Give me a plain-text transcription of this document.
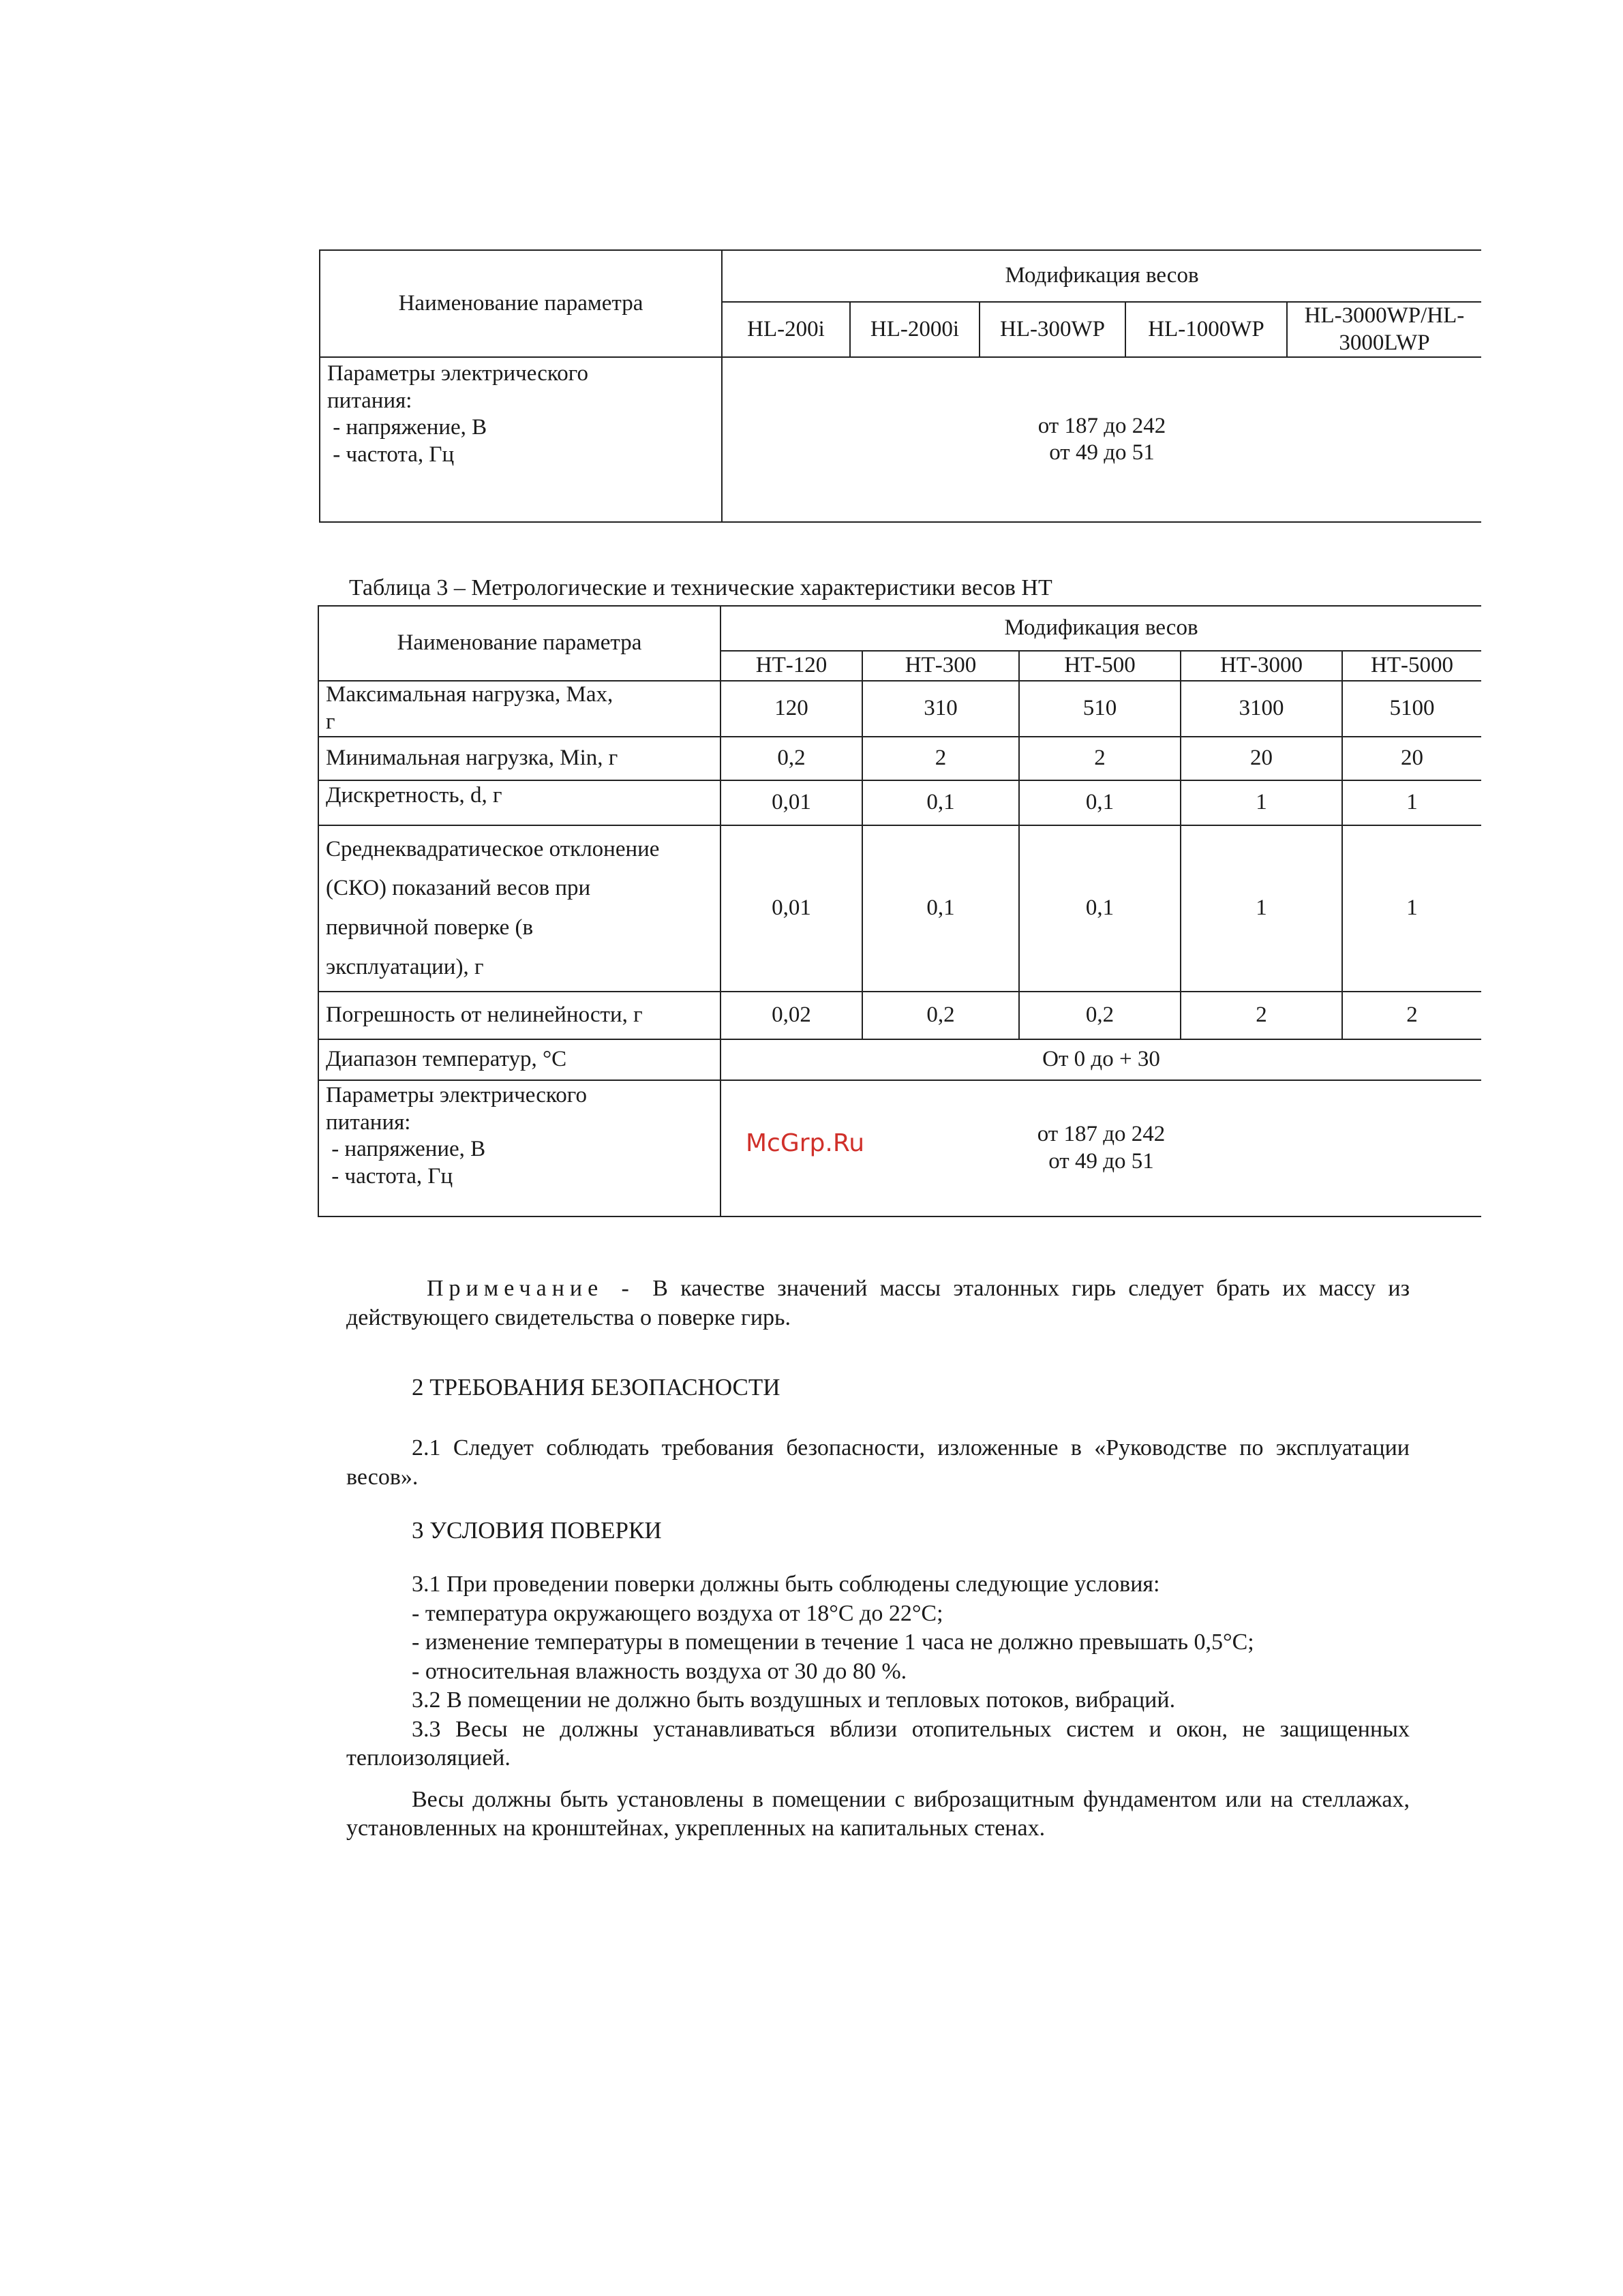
Наименование параметра	Модификация весов				
	HL-200i	HL-2000i	HL-300WP	HL-1000WP	HL-3000WP/HL-
3000LWP

Параметры электрического
питания:
- напряжение, В
- частота, Гц	от 187 до 242
от 49 до 51				
Таблица 3 – Метрологические и технические характеристики весов НТ
Наименование параметра	Модификация весов				
	НТ-120	НТ-300	НТ-500	НТ-3000	НТ-5000

Максимальная нагрузка, Max,
г	120	310	510	3100	5100
Минимальная нагрузка, Min, г	0,2	2	2	20	20
Дискретность, d, г	0,01	0,1	0,1	1	1

Среднеквадратическое отклонение
(СКО) показаний весов при
первичной поверке (в
эксплуатации), г	0,01	0,1	0,1	1	1
Погрешность от нелинейности, г	0,02	0,2	0,2	2	2
Диапазон температур, °С	От 0 до + 30				

Параметры электрического
питания:
- напряжение, В
- частота, Гц	McGrp.Ru от 187 до 242
от 49 до 51				
Примечание - В качестве значений массы эталонных гирь следует брать их массу из действующего свидетельства о поверке гирь.
2 ТРЕБОВАНИЯ БЕЗОПАСНОСТИ
2.1 Следует соблюдать требования безопасности, изложенные в «Руководстве по эксплуатации весов».
3 УСЛОВИЯ ПОВЕРКИ
3.1 При проведении поверки должны быть соблюдены следующие условия:
- температура окружающего воздуха от 18°С до 22°С;
- изменение температуры в помещении в течение 1 часа не должно превышать 0,5°С;
- относительная влажность воздуха от 30 до 80 %.
3.2 В помещении не должно быть воздушных и тепловых потоков, вибраций.
3.3 Весы не должны устанавливаться вблизи отопительных систем и окон, не защищенных теплоизоляцией.
Весы должны быть установлены в помещении с виброзащитным фундаментом или на стеллажах, установленных на кронштейнах, укрепленных на капитальных стенах.
